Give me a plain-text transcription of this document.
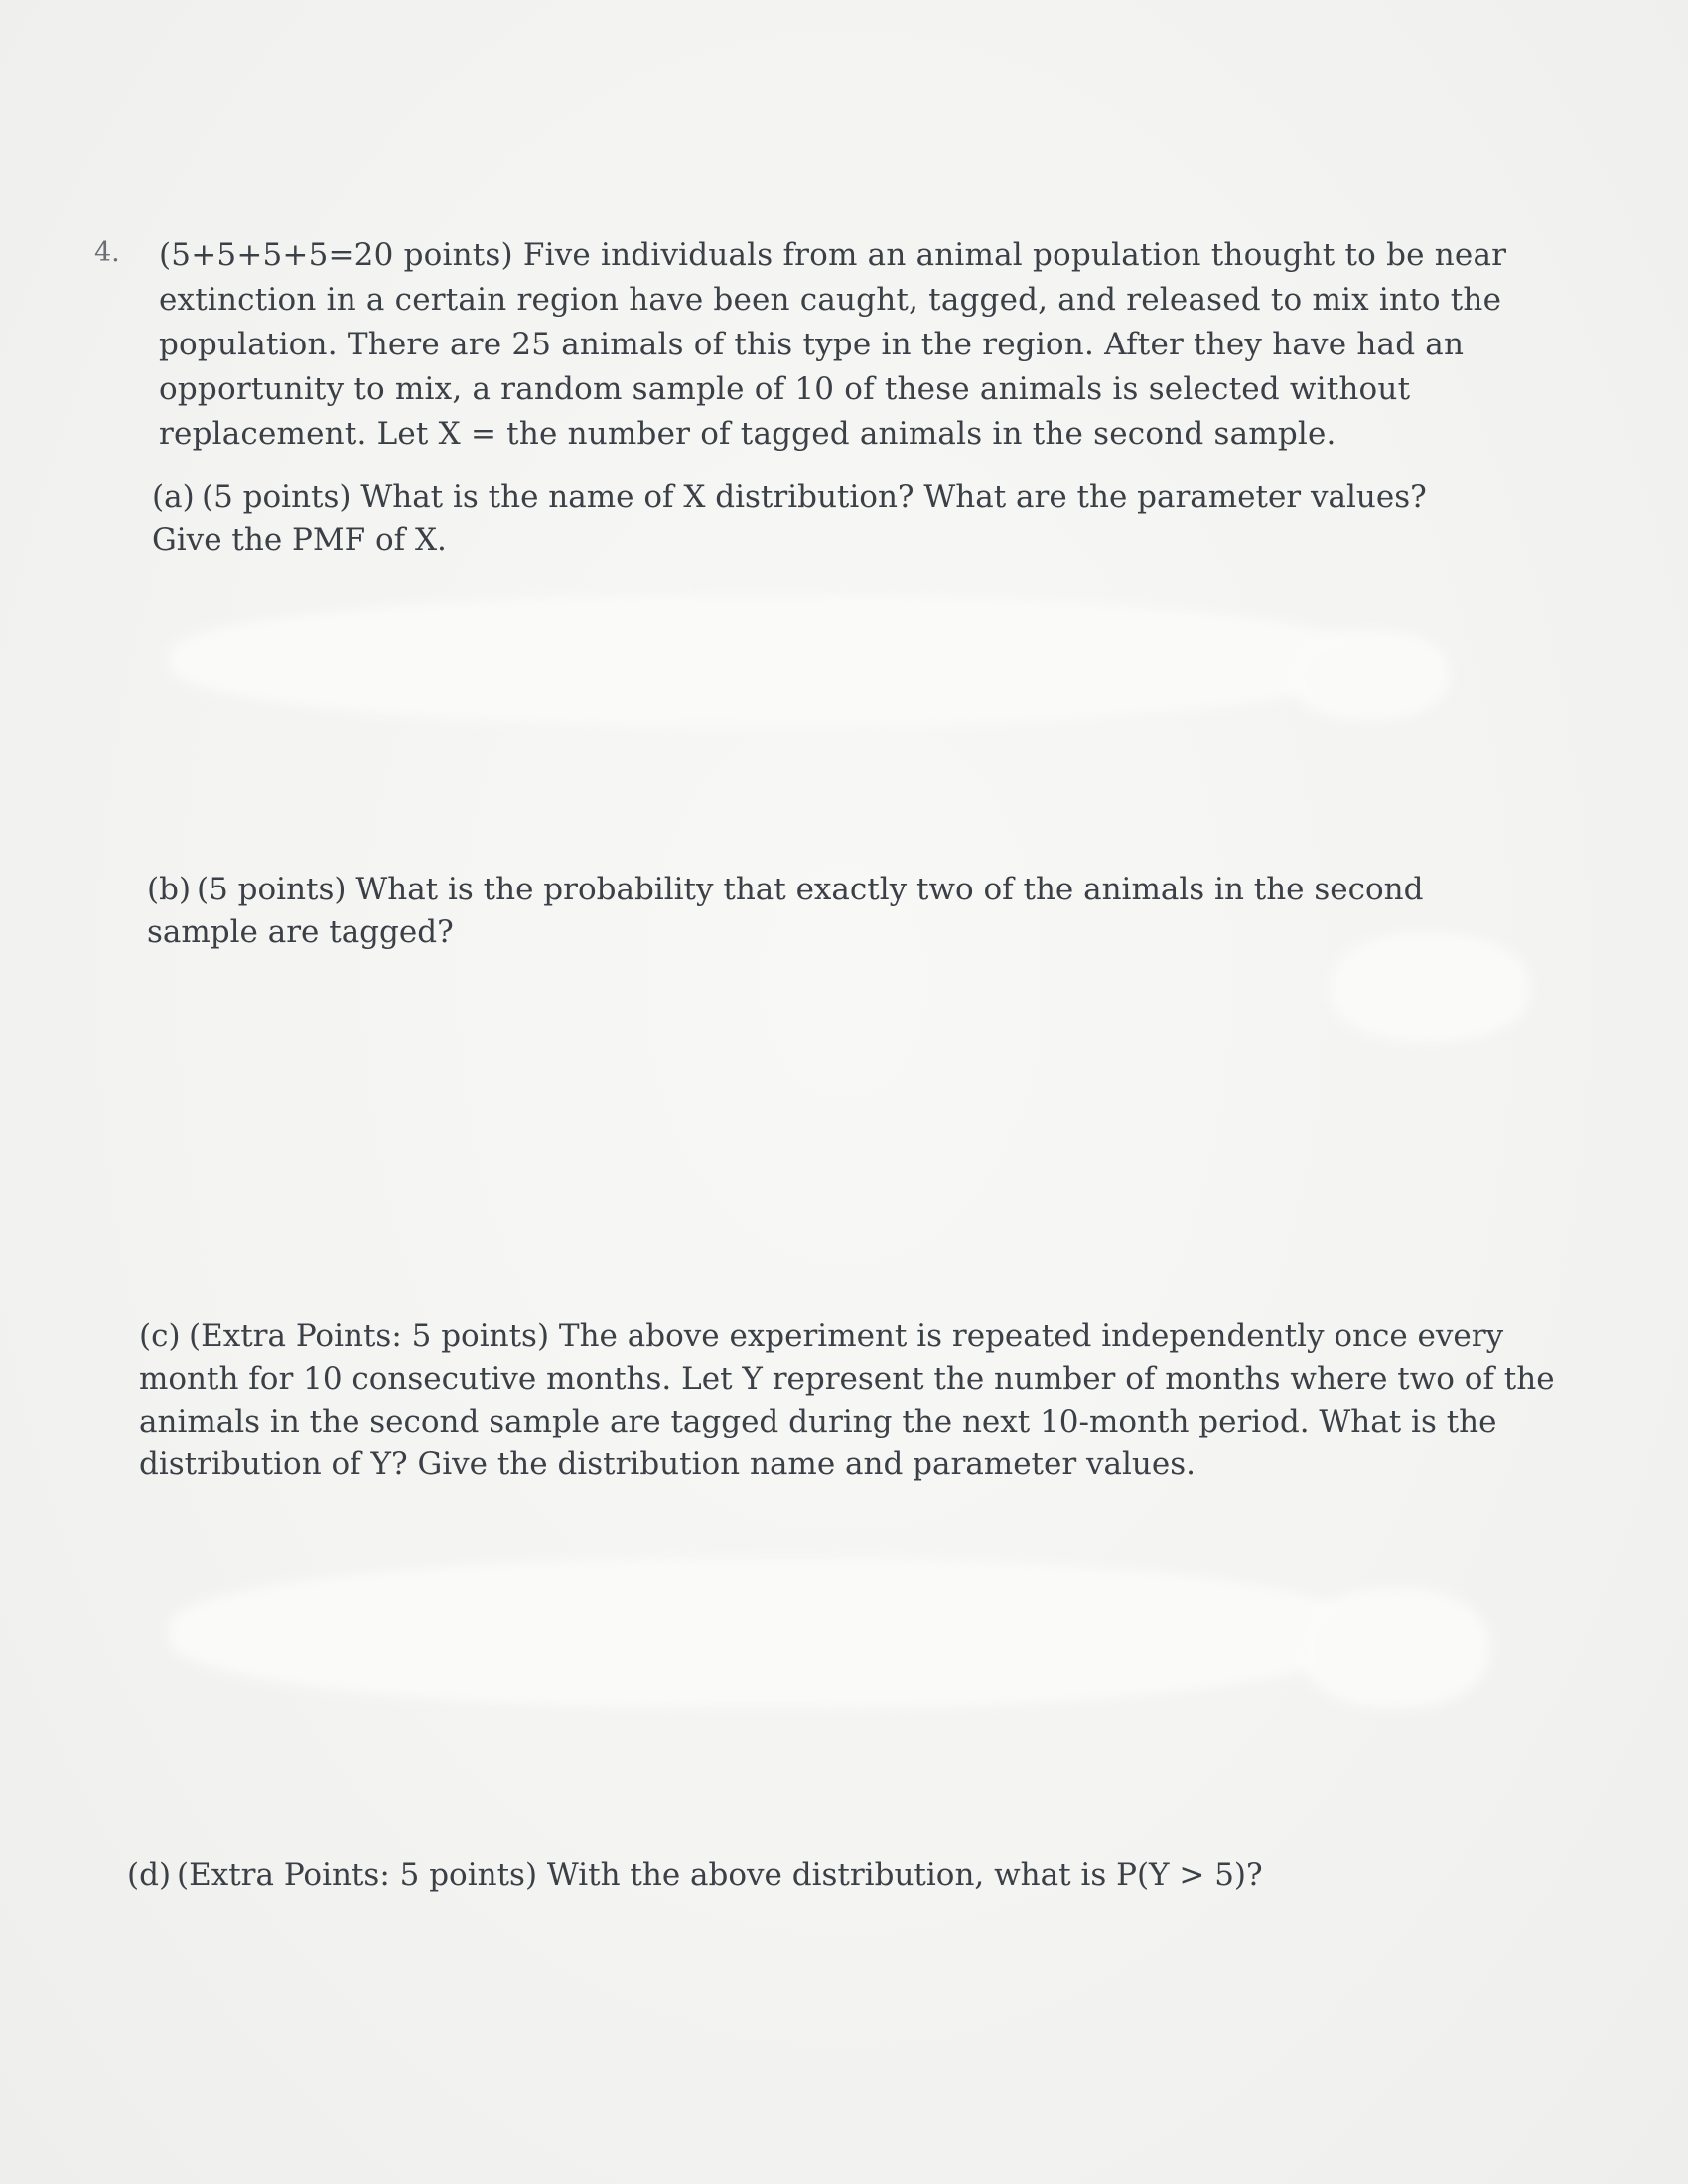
4. (5+5+5+5=20 points) Five individuals from an animal population thought to be near extinction in a certain region have been caught, tagged, and released to mix into the population. There are 25 animals of this type in the region. After they have had an opportunity to mix, a random sample of 10 of these animals is selected without replacement. Let X = the number of tagged animals in the second sample.
(a) (5 points) What is the name of X distribution? What are the parameter values? Give the PMF of X.
(b) (5 points) What is the probability that exactly two of the animals in the second sample are tagged?
(c) (Extra Points: 5 points) The above experiment is repeated independently once every month for 10 consecutive months. Let Y represent the number of months where two of the animals in the second sample are tagged during the next 10-month period. What is the distribution of Y? Give the distribution name and parameter values.
(d) (Extra Points: 5 points) With the above distribution, what is P(Y > 5)?
